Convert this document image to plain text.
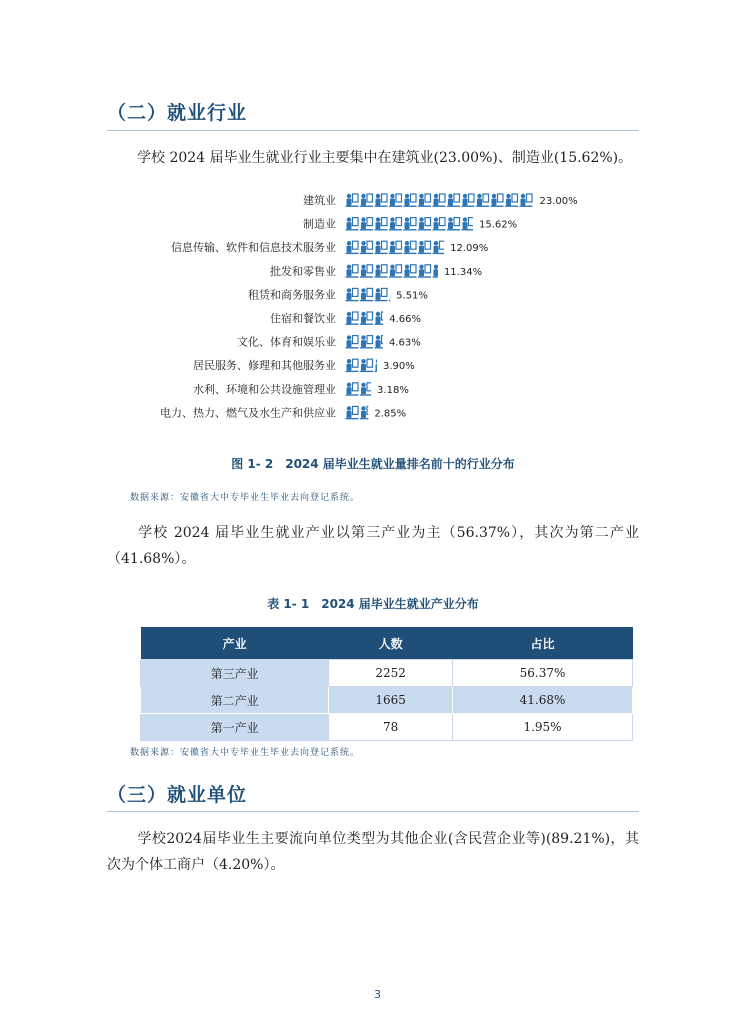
（二）就业行业
学校 2024 届毕业生就业行业主要集中在建筑业(23.00%)、制造业(15.62%)。
建筑业	23.00%
制造业	15.62%
信息传输、软件和信息技术服务业	12.09%
批发和零售业	11.34%
租赁和商务服务业	5.51%
住宿和餐饮业	4.66%
文化、体育和娱乐业	4.63%
居民服务、修理和其他服务业	3.90%
水利、环境和公共设施管理业	3.18%
电力、热力、燃气及水生产和供应业	2.85%
图 1- 2　2024 届毕业生就业量排名前十的行业分布
数据来源：安徽省大中专毕业生毕业去向登记系统。
学校 2024 届毕业生就业产业以第三产业为主（56.37%），其次为第二产业（41.68%）。
表 1- 1　2024 届毕业生就业产业分布
产业	人数	占比
第三产业	2252	56.37%
第二产业	1665	41.68%
第一产业	78	1.95%
数据来源：安徽省大中专毕业生毕业去向登记系统。
（三）就业单位
学校2024届毕业生主要流向单位类型为其他企业(含民营企业等)(89.21%)，其次为个体工商户（4.20%）。
3
